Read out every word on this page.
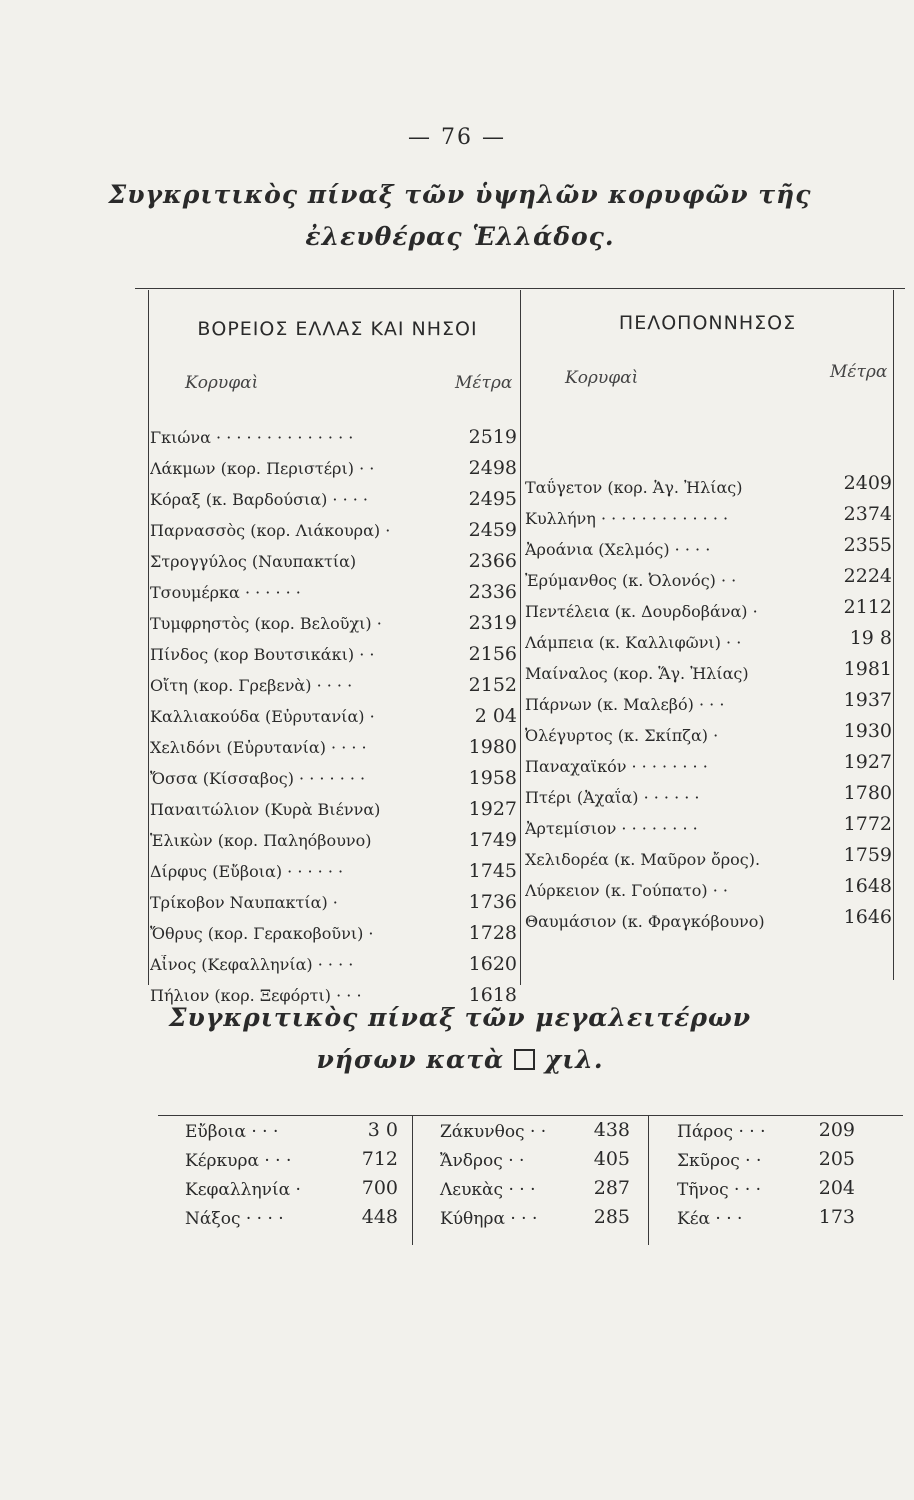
— 76 —
Συγκριτικὸς πίναξ τῶν ὑψηλῶν κορυφῶν τῆς
ἐλευθέρας Ἑλλάδος.
ΒΟΡΕΙΟΣ ΕΛΛΑΣ ΚΑΙ ΝΗΣΟΙ	ΠΕΛΟΠΟΝΝΗΣΟΣ
Κορυφαὶ	Μέτρα	Κορυφαὶ	Μέτρα
Γκιώνα · · · · · · · · · · · · · ·	2519
Λάκμων (κορ. Περιστέρι) · ·	2498
Κόραξ (κ. Βαρδούσια) · · · ·	2495
Παρνασσὸς (κορ. Λιάκουρα) ·	2459
Στρογγύλος (Ναυπακτία)	2366
Τσουμέρκα · · · · · ·	2336
Τυμφρηστὸς (κορ. Βελοῦχι) ·	2319
Πίνδος (κορ Βουτσικάκι) · ·	2156
Οἴτη (κορ. Γρεβενὰ) · · · ·	2152
Καλλιακούδα (Εὐρυτανία) ·	2 04
Χελιδόνι (Εὐρυτανία) · · · ·	1980
Ὄσσα (Κίσσαβος) · · · · · · ·	1958
Παναιτώλιον (Κυρὰ Βιέννα)	1927
Ἑλικὼν (κορ. Παληόβουνο)	1749
Δίρφυς (Εὔβοια) · · · · · ·	1745
Τρίκοβον Ναυπακτία) ·	1736
Ὄθρυς (κορ. Γερακοβοῦνι) ·	1728
Αἶνος (Κεφαλληνία) · · · ·	1620
Πήλιον (κορ. Ξεφόρτι) · · ·	1618
Ταΰγετον (κορ. Ἁγ. Ἠλίας)	2409
Κυλλήνη · · · · · · · · · · · · ·	2374
Ἀροάνια (Χελμός) · · · ·	2355
Ἐρύμανθος (κ. Ὀλονός) · ·	2224
Πεντέλεια (κ. Δουρδοβάνα) ·	2112
Λάμπεια (κ. Καλλιφῶνι) · ·	19 8
Μαίναλος (κορ. Ἅγ. Ἠλίας)	1981
Πάρνων (κ. Μαλεβό) · · ·	1937
Ὀλέγυρτος (κ. Σκίπζα) ·	1930
Παναχαϊκόν · · · · · · · ·	1927
Πτέρι (Ἀχαΐα) · · · · · ·	1780
Ἀρτεμίσιον · · · · · · · ·	1772
Χελιδορέα (κ. Μαῦρον ὄρος).	1759
Λύρκειον (κ. Γούπατο) · ·	1648
Θαυμάσιον (κ. Φραγκόβουνο)	1646
Συγκριτικὸς πίναξ τῶν μεγαλειτέρων
νήσων κατὰ χιλ.
Εὔβοια · · ·	3 0
Κέρκυρα · · ·	712
Κεφαλληνία ·	700
Νάξος · · · ·	448
Ζάκυνθος · ·	438
Ἄνδρος · ·	405
Λευκὰς · · ·	287
Κύθηρα · · ·	285
Πάρος · · ·	209
Σκῦρος · ·	205
Τῆνος · · ·	204
Κέα · · ·	173
